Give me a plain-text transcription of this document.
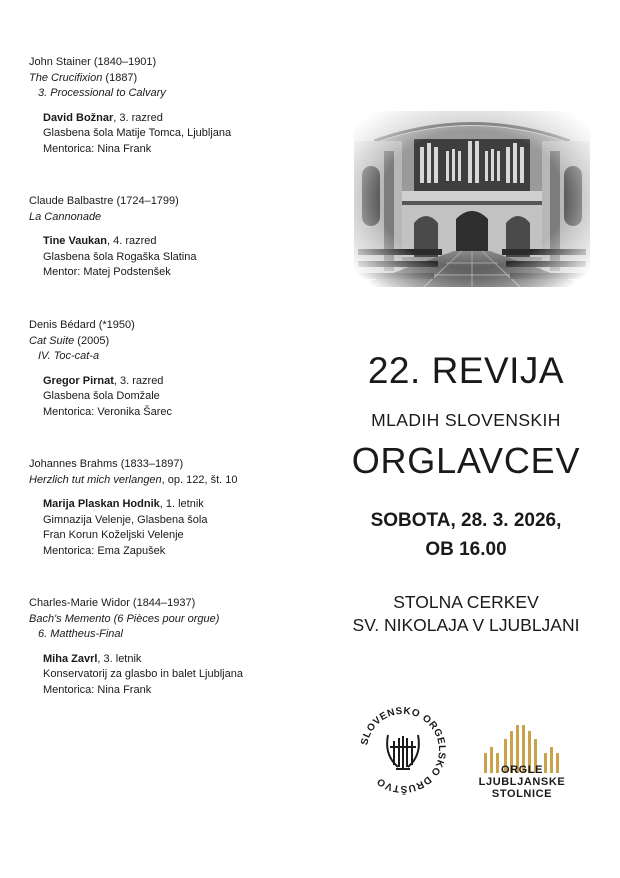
John Stainer (1840–1901)
The Crucifixion (1887)
3. Processional to Calvary
David Božnar, 3. razred
Glasbena šola Matije Tomca, Ljubljana
Mentorica: Nina Frank
Claude Balbastre (1724–1799)
La Cannonade
Tine Vaukan, 4. razred
Glasbena šola Rogaška Slatina
Mentor: Matej Podstenšek
Denis Bédard (*1950)
Cat Suite (2005)
IV. Toc-cat-a
Gregor Pirnat, 3. razred
Glasbena šola Domžale
Mentorica: Veronika Šarec
Johannes Brahms (1833–1897)
Herzlich tut mich verlangen, op. 122, št. 10
Marija Plaskan Hodnik, 1. letnik
Gimnazija Velenje, Glasbena šola
Fran Korun Koželjski Velenje
Mentorica: Ema Zapušek
Charles-Marie Widor (1844–1937)
Bach's Memento (6 Pièces pour orgue)
6. Mattheus-Final
Miha Zavrl, 3. letnik
Konservatorij za glasbo in balet Ljubljana
Mentorica: Nina Frank
22. REVIJA
MLADIH SLOVENSKIH
ORGLAVCEV
SOBOTA, 28. 3. 2026,
OB 16.00
STOLNA CERKEV
SV. NIKOLAJA V LJUBLJANI
SLOVENSKO ORGELSKO DRUŠTVO
ORGLE
LJUBLJANSKE
STOLNICE
